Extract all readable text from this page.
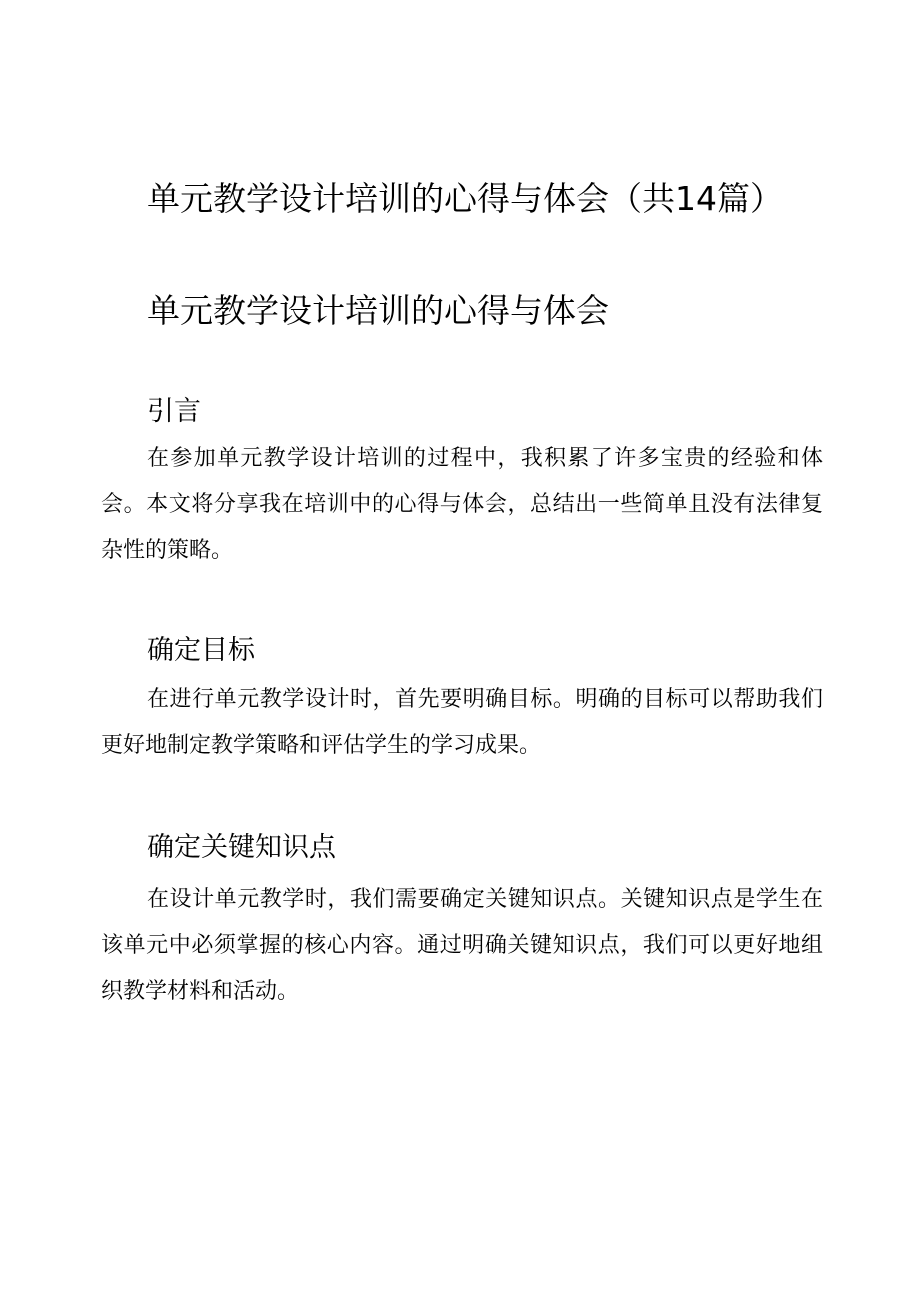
单元教学设计培训的心得与体会（共14篇）
单元教学设计培训的心得与体会
引言

在参加单元教学设计培训的过程中，我积累了许多宝贵的经验和体会。本文将分享我在培训中的心得与体会，总结出一些简单且没有法律复杂性的策略。

确定目标

在进行单元教学设计时，首先要明确目标。明确的目标可以帮助我们更好地制定教学策略和评估学生的学习成果。

确定关键知识点

在设计单元教学时，我们需要确定关键知识点。关键知识点是学生在该单元中必须掌握的核心内容。通过明确关键知识点，我们可以更好地组织教学材料和活动。
